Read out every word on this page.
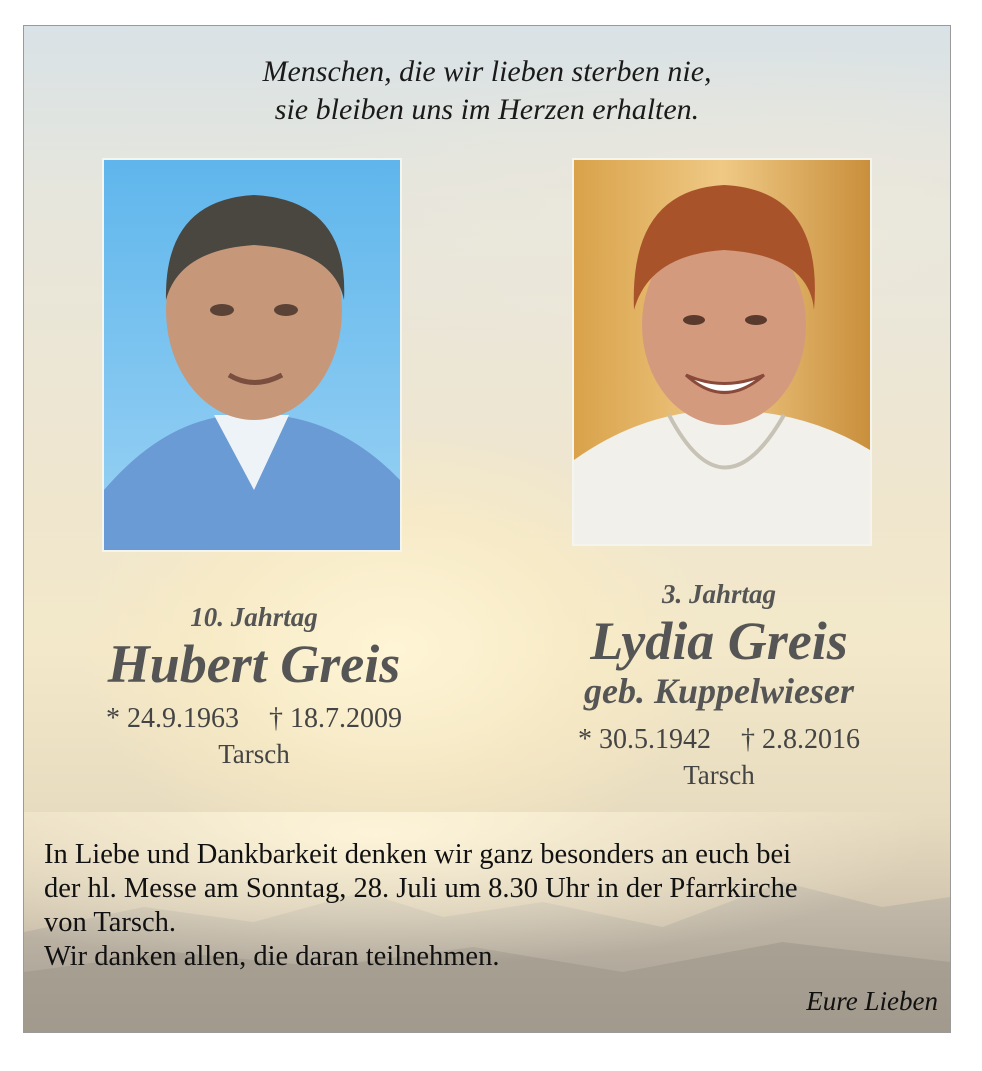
Menschen, die wir lieben sterben nie,
sie bleiben uns im Herzen erhalten.
10. Jahrtag
Hubert Greis
* 24.9.1963 † 18.7.2009
Tarsch
3. Jahrtag
Lydia Greis
geb. Kuppelwieser
* 30.5.1942 † 2.8.2016
Tarsch
In Liebe und Dankbarkeit denken wir ganz besonders an euch bei
der hl. Messe am Sonntag, 28. Juli um 8.30 Uhr in der Pfarrkirche
von Tarsch.
Wir danken allen, die daran teilnehmen.
Eure Lieben
